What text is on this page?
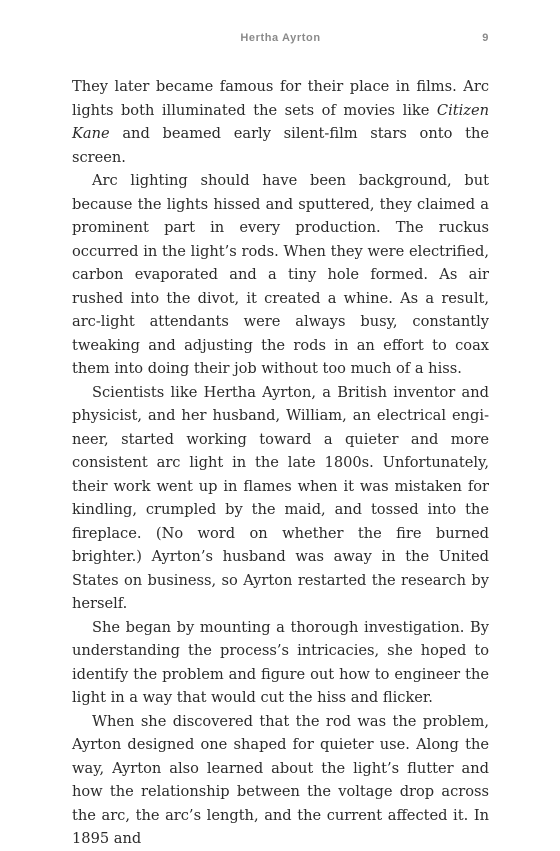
Hertha Ayrton	9

They later became famous for their place in films. Arc lights both illuminated the sets of movies like Citizen Kane and beamed early silent-film stars onto the screen.

Arc lighting should have been background, but because the lights hissed and sputtered, they claimed a prominent part in every production. The ruckus occurred in the light’s rods. When they were electrified, carbon evaporated and a tiny hole formed. As air rushed into the divot, it created a whine. As a result, arc-light attendants were always busy, constantly tweaking and adjusting the rods in an effort to coax them into doing their job without too much of a hiss.

Scientists like Hertha Ayrton, a British inventor and physicist, and her husband, William, an electrical engineer, started working toward a quieter and more consistent arc light in the late 1800s. Unfortunately, their work went up in flames when it was mistaken for kindling, crumpled by the maid, and tossed into the fireplace. (No word on whether the fire burned brighter.) Ayrton’s husband was away in the United States on business, so Ayrton restarted the research by herself.

She began by mounting a thorough investigation. By understanding the process’s intricacies, she hoped to identify the problem and figure out how to engineer the light in a way that would cut the hiss and flicker.

When she discovered that the rod was the problem, Ayrton designed one shaped for quieter use. Along the way, Ayrton also learned about the light’s flutter and how the relationship between the voltage drop across the arc, the arc’s length, and the current affected it. In 1895 and
